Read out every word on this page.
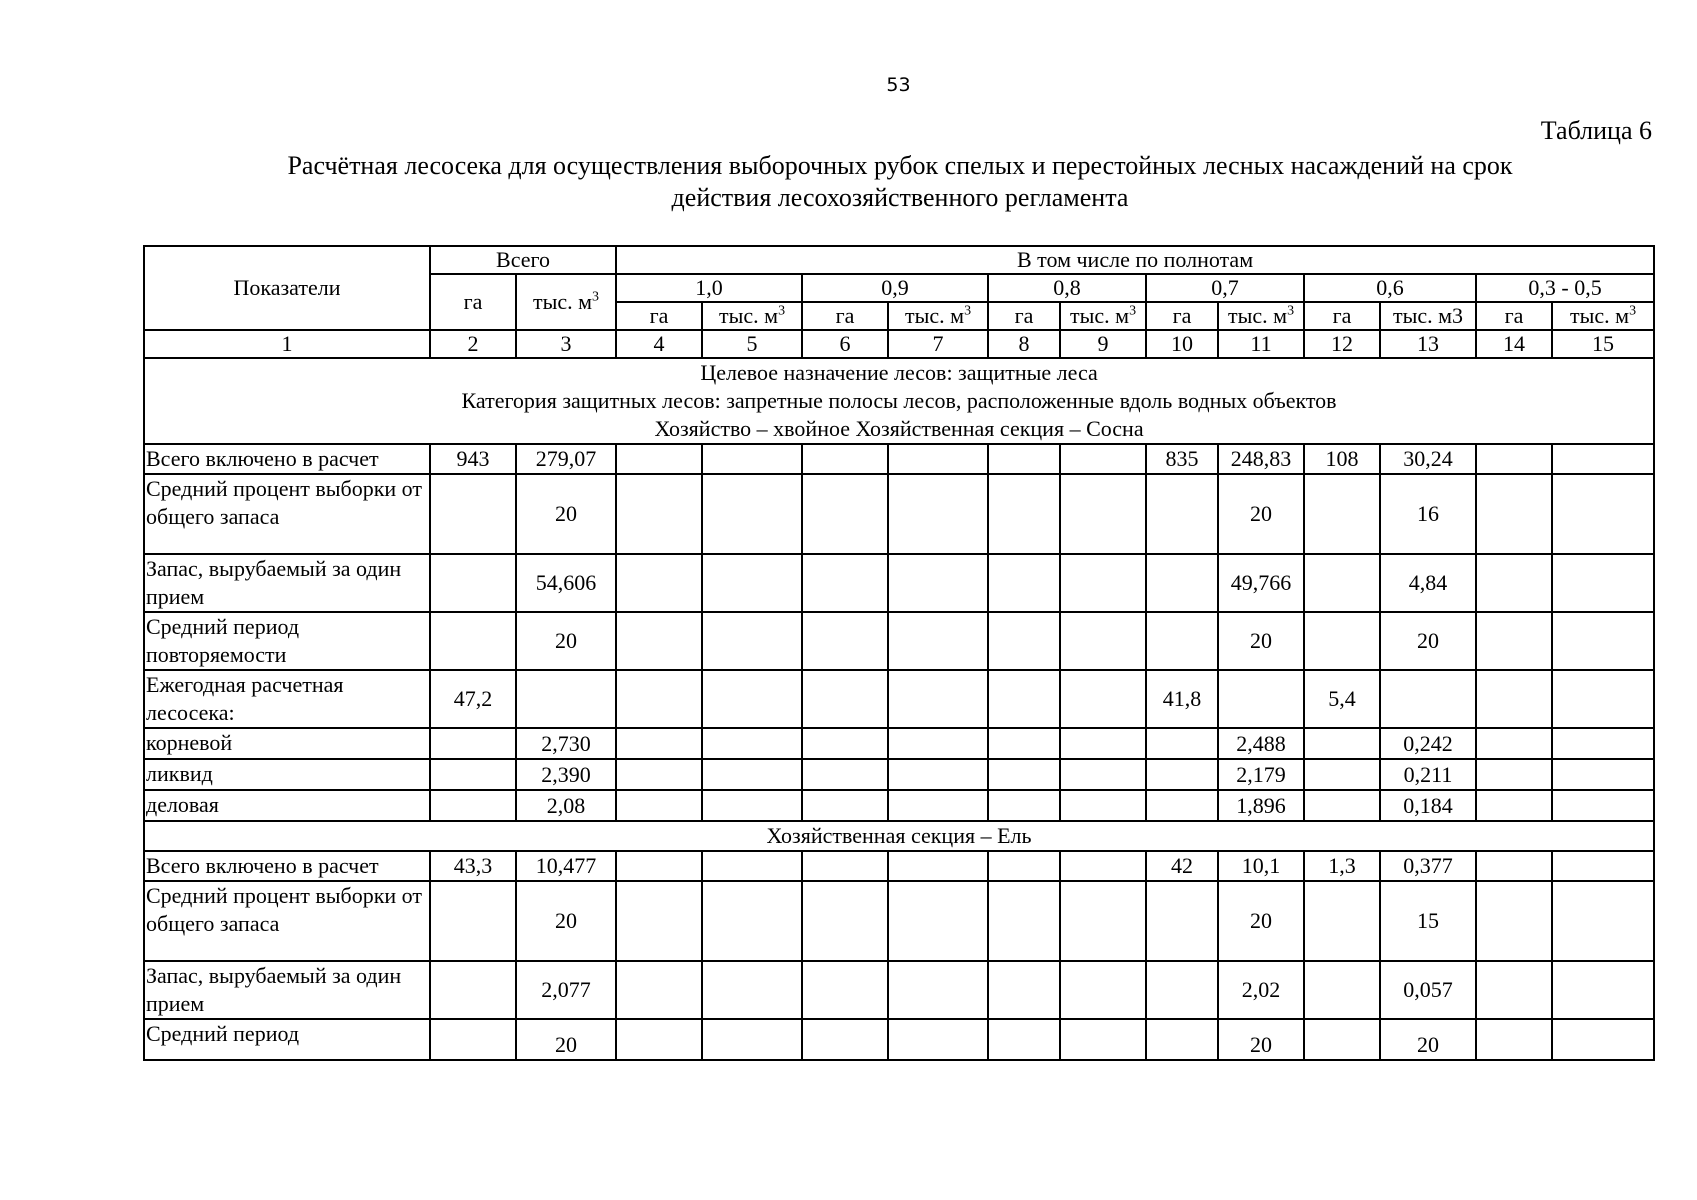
53
Таблица 6
Расчётная лесосека для осуществления выборочных рубок спелых и перестойных лесных насаждений на срок
действия лесохозяйственного регламента
Показатели	Всего		В том числе по полнотам											
	га	тыс. $м^3$	1,0		0,9		0,8		0,7		0,6		0,3 - 0,5	
			га	тыс. $м^3$	га	тыс. $м^3$	га	тыс. $м^3$	га	тыс. $м^3$	га	тыс. м3	га	тыс. $м^3$
1	2	3	4	5	6	7	8	9	10	11	12	13	14	15

Целевое назначение лесов: защитные леса
Категория защитных лесов: запретные полосы лесов, расположенные вдоль водных объектов
Хозяйство – хвойное Хозяйственная секция – Сосна														

Всего включено в расчет	943	279,07							835	248,83	108	30,24		
Средний процент выборки от общего запаса		20								20		16		
Запас, вырубаемый за один прием		54,606								49,766		4,84		
Средний период повторяемости		20								20		20		
Ежегодная расчетная лесосека:	47,2								41,8		5,4			
корневой		2,730								2,488		0,242		
ликвид		2,390								2,179		0,211		
деловая		2,08								1,896		0,184		
Хозяйственная секция – Ель														
Всего включено в расчет	43,3	10,477							42	10,1	1,3	0,377		
Средний процент выборки от общего запаса		20								20		15		
Запас, вырубаемый за один прием		2,077								2,02		0,057		
Средний период		20								20		20		
